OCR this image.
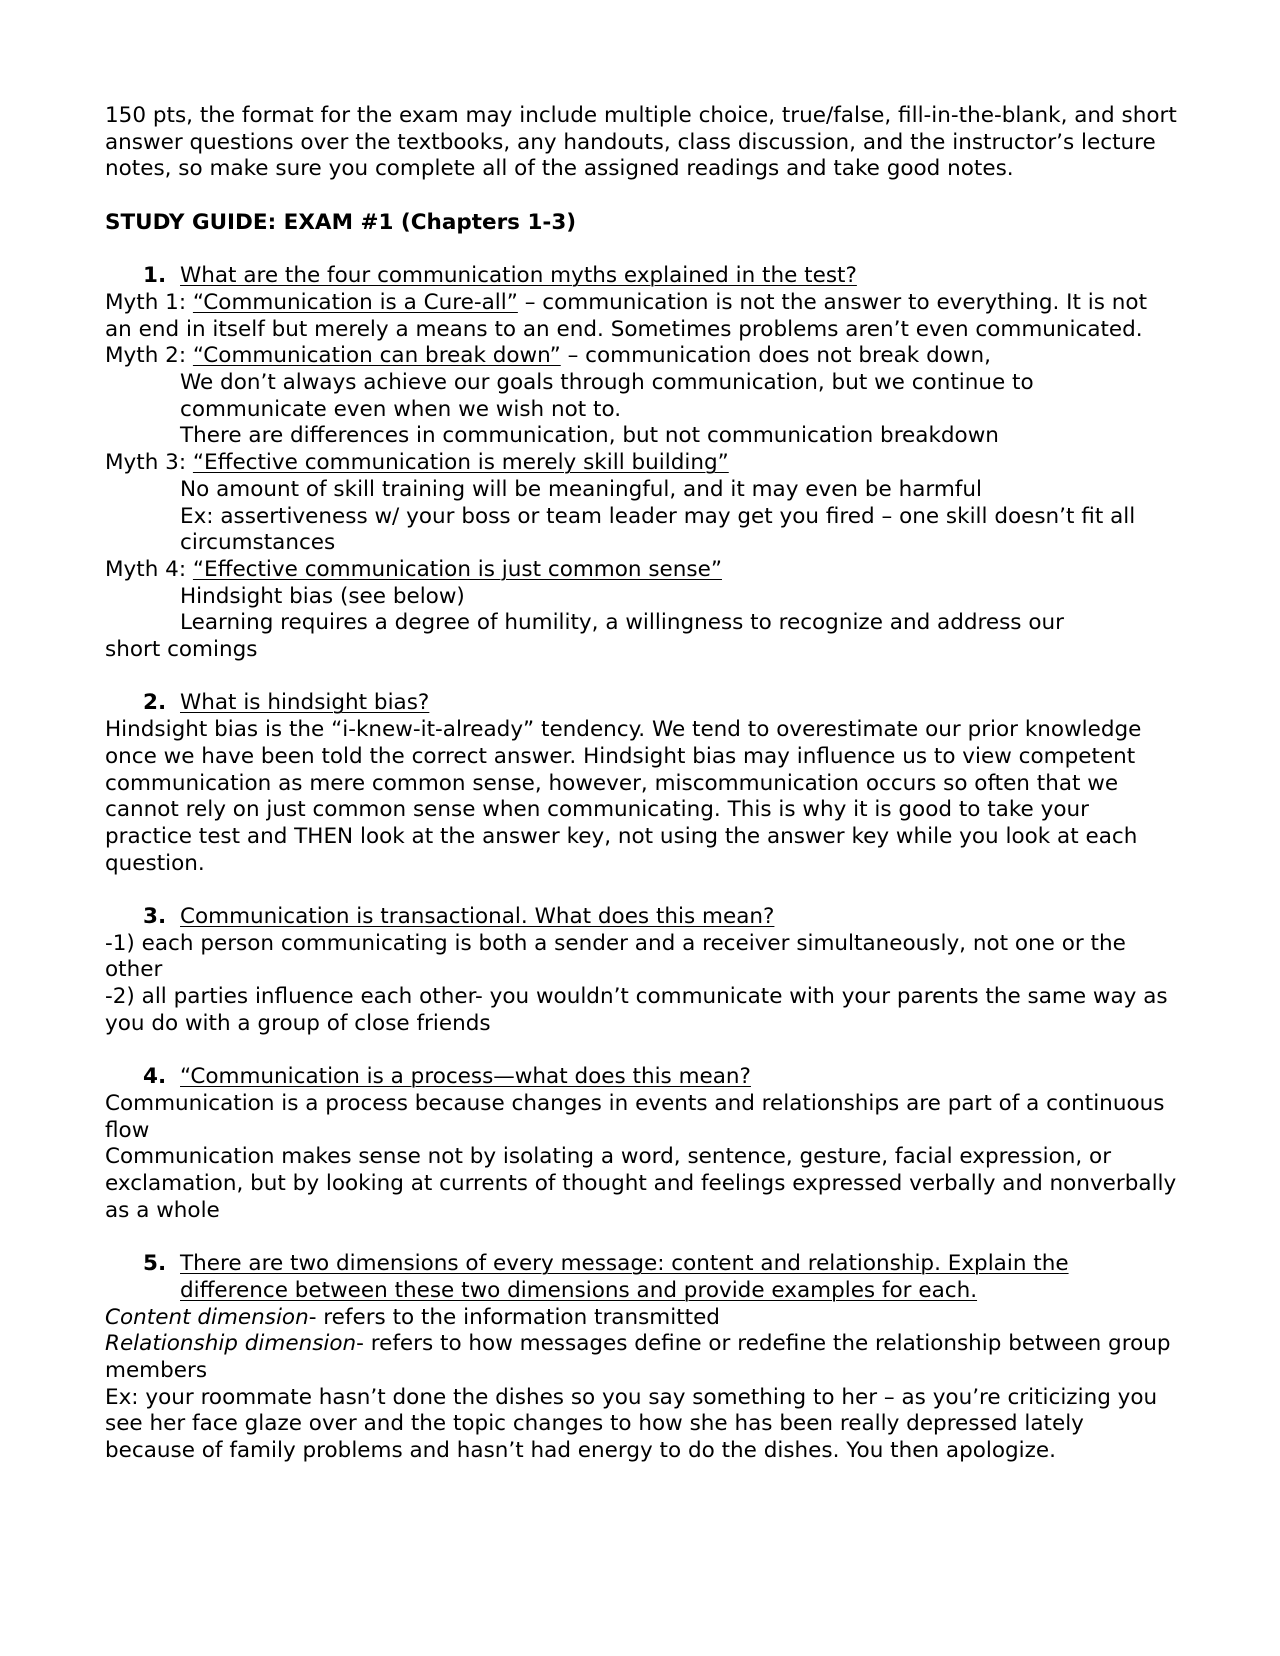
150 pts, the format for the exam may include multiple choice, true/false, fill-in-the-blank, and short answer questions over the textbooks, any handouts, class discussion, and the instructor’s lecture notes, so make sure you complete all of the assigned readings and take good notes.

STUDY GUIDE: EXAM #1 (Chapters 1-3)

1. What are the four communication myths explained in the test?

Myth 1: “Communication is a Cure-all” – communication is not the answer to everything. It is not an end in itself but merely a means to an end. Sometimes problems aren’t even communicated.

Myth 2: “Communication can break down” – communication does not break down,

We don’t always achieve our goals through communication, but we continue to communicate even when we wish not to.

There are differences in communication, but not communication breakdown

Myth 3: “Effective communication is merely skill building”

No amount of skill training will be meaningful, and it may even be harmful

Ex: assertiveness w/ your boss or team leader may get you fired – one skill doesn’t fit all circumstances

Myth 4: “Effective communication is just common sense”

Hindsight bias (see below)

Learning requires a degree of humility, a willingness to recognize and address our

short comings

2. What is hindsight bias?

Hindsight bias is the “i-knew-it-already” tendency. We tend to overestimate our prior knowledge once we have been told the correct answer. Hindsight bias may influence us to view competent communication as mere common sense, however, miscommunication occurs so often that we cannot rely on just common sense when communicating. This is why it is good to take your practice test and THEN look at the answer key, not using the answer key while you look at each question.

3. Communication is transactional. What does this mean?

-1) each person communicating is both a sender and a receiver simultaneously, not one or the other

-2) all parties influence each other- you wouldn’t communicate with your parents the same way as you do with a group of close friends

4. “Communication is a process—what does this mean?

Communication is a process because changes in events and relationships are part of a continuous flow

Communication makes sense not by isolating a word, sentence, gesture, facial expression, or exclamation, but by looking at currents of thought and feelings expressed verbally and nonverbally as a whole

5. There are two dimensions of every message: content and relationship. Explain the difference between these two dimensions and provide examples for each.

Content dimension- refers to the information transmitted

Relationship dimension- refers to how messages define or redefine the relationship between group members

Ex: your roommate hasn’t done the dishes so you say something to her – as you’re criticizing you see her face glaze over and the topic changes to how she has been really depressed lately because of family problems and hasn’t had energy to do the dishes. You then apologize.
